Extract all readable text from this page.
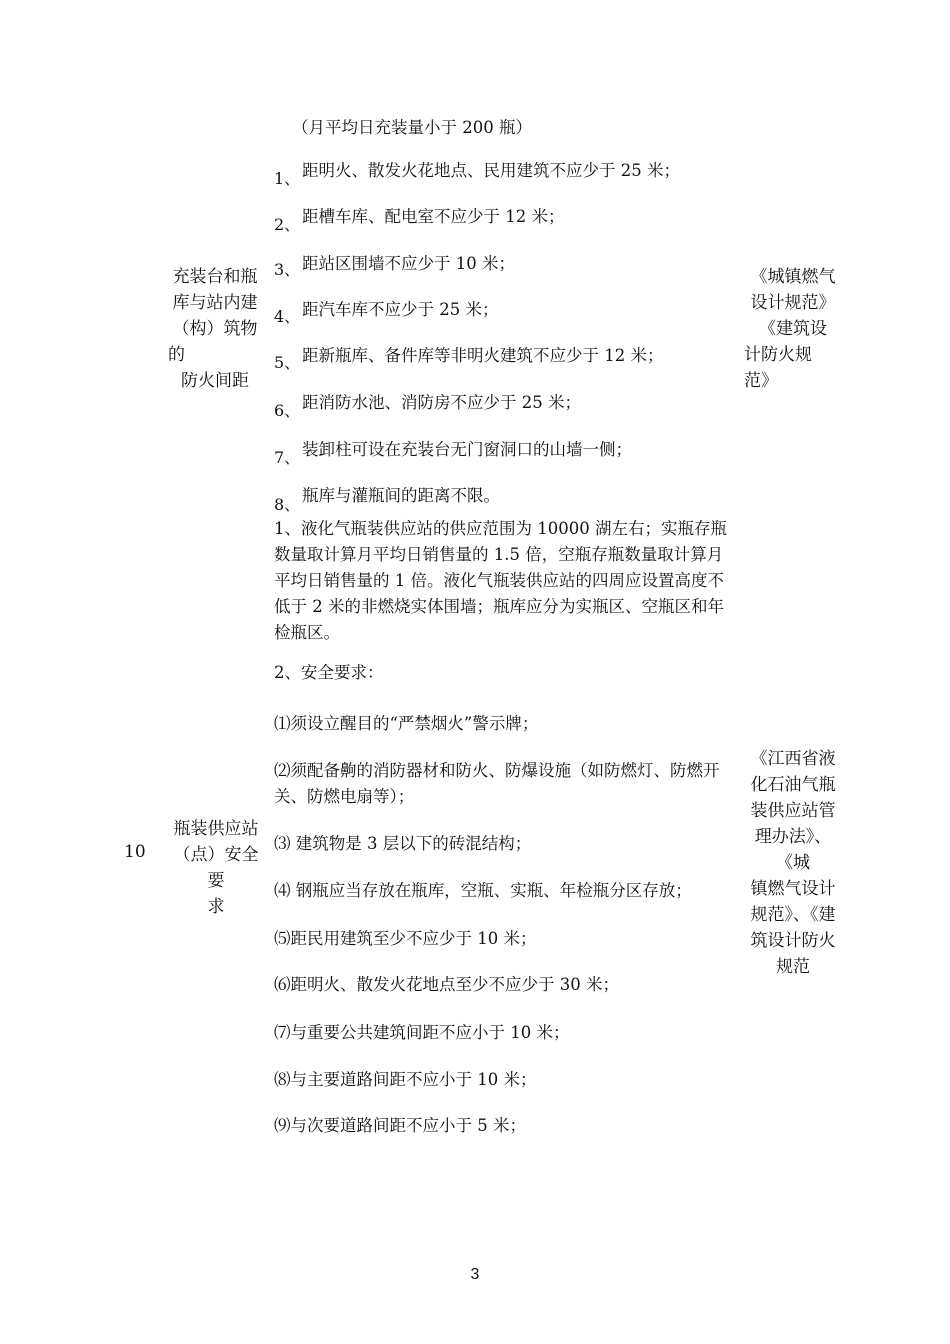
（月平均日充装量小于 200 瓶）
充装台和瓶
库与站内建
（构）筑物
的
防火间距
1、 距明火、散发火花地点、民用建筑不应少于 25 米；
2、 距槽车库、配电室不应少于 12 米；
3、 距站区围墙不应少于 10 米；
4、 距汽车库不应少于 25 米；
5、 距新瓶库、备件库等非明火建筑不应少于 12 米；
6、 距消防水池、消防房不应少于 25 米；
7、 装卸柱可设在充装台无门窗洞口的山墙一侧；
8、 瓶库与灌瓶间的距离不限。
《城镇燃气
设计规范》
《建筑设
计防火规
范》
10
瓶装供应站
（点）安全
要
求
1、液化气瓶装供应站的供应范围为 10000 湖左右；实瓶存瓶数量取计算月平均日销售量的 1.5 倍，空瓶存瓶数量取计算月平均日销售量的 1 倍。液化气瓶装供应站的四周应设置高度不低于 2 米的非燃烧实体围墙；瓶库应分为实瓶区、空瓶区和年检瓶区。
2、安全要求：
⑴须设立醒目的“严禁烟火”警示牌；
⑵须配备齁的消防器材和防火、防爆设施（如防燃灯、防燃开关、防燃电扇等）；
⑶ 建筑物是 3 层以下的砖混结构；
⑷ 钢瓶应当存放在瓶库，空瓶、实瓶、年检瓶分区存放；
⑸距民用建筑至少不应少于 10 米；
⑹距明火、散发火花地点至少不应少于 30 米；
⑺与重要公共建筑间距不应小于 10 米；
⑻与主要道路间距不应小于 10 米；
⑼与次要道路间距不应小于 5 米；
《江西省液
化石油气瓶
装供应站管
理办法》、
《城
镇燃气设计
规范》、《建
筑设计防火
规范
3
